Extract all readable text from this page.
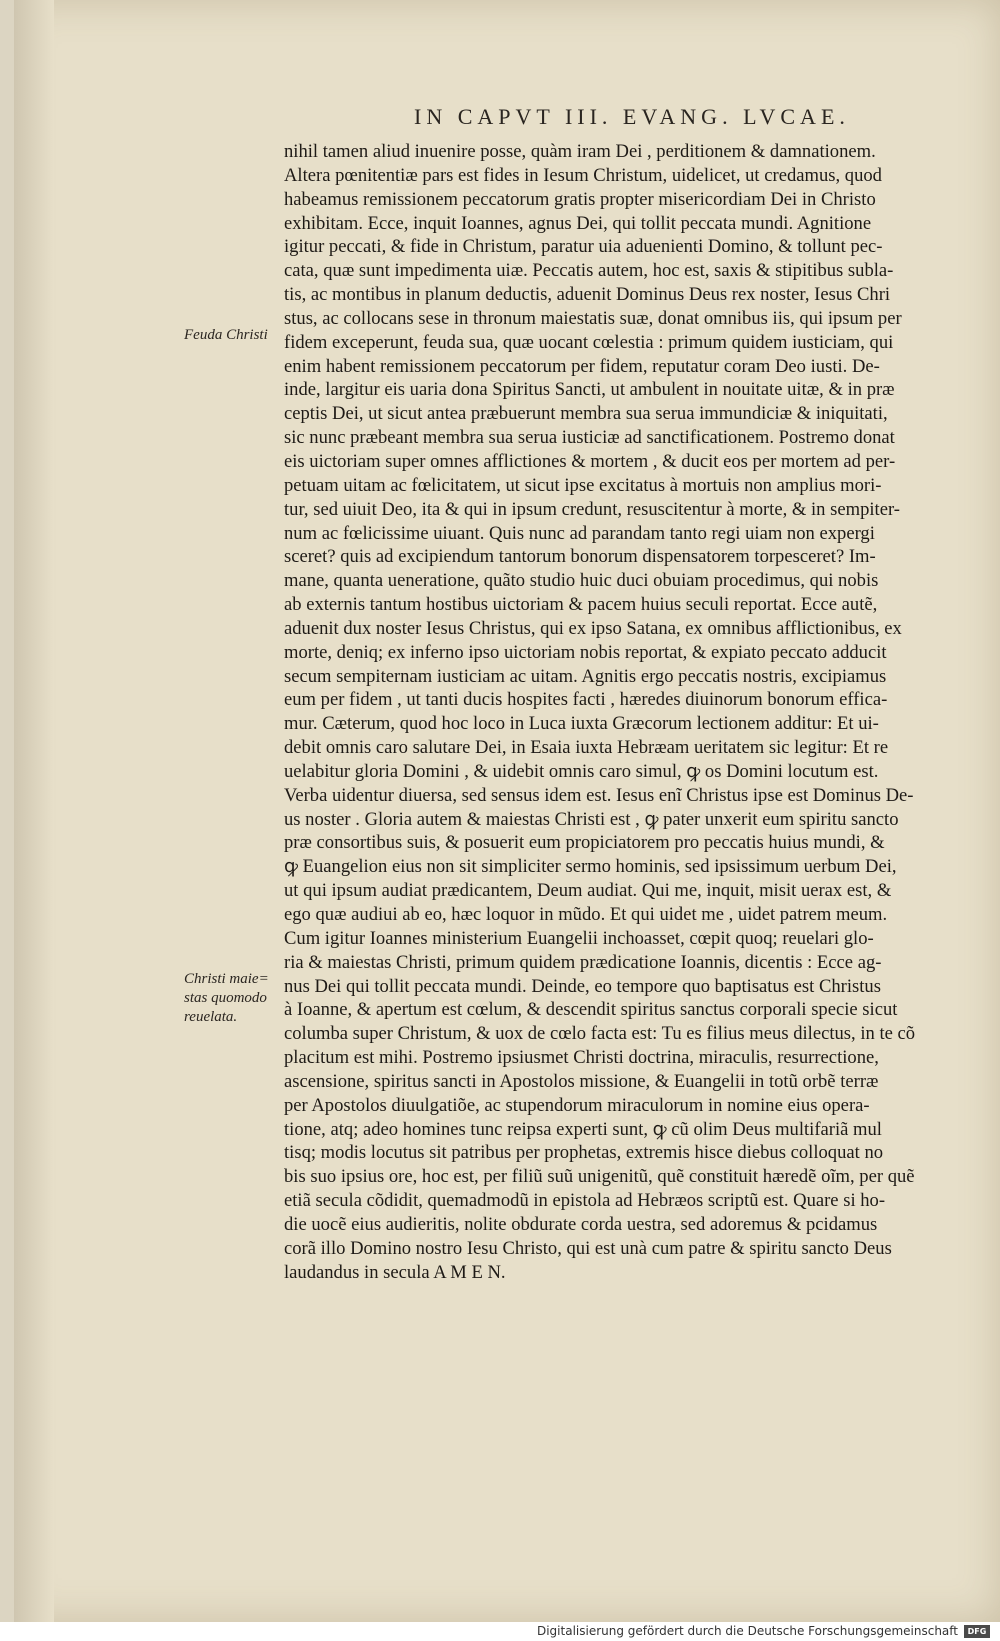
IN CAPVT III. EVANG. LVCAE.
Feuda Christi
Christi maie= stas quomodo reuelata.
nihil tamen aliud inuenire posse, quàm iram Dei , perditionem & damnationem.
Altera pœnitentiæ pars est fides in Iesum Christum, uidelicet, ut credamus, quod
habeamus remissionem peccatorum gratis propter misericordiam Dei in Christo
exhibitam. Ecce, inquit Ioannes, agnus Dei, qui tollit peccata mundi. Agnitione
igitur peccati, & fide in Christum, paratur uia aduenienti Domino, & tollunt pec-
cata, quæ sunt impedimenta uiæ. Peccatis autem, hoc est, saxis & stipitibus subla-
tis, ac montibus in planum deductis, aduenit Dominus Deus rex noster, Iesus Chri
stus, ac collocans sese in thronum maiestatis suæ, donat omnibus iis, qui ipsum per
fidem exceperunt, feuda sua, quæ uocant cœlestia : primum quidem iusticiam, qui
enim habent remissionem peccatorum per fidem, reputatur coram Deo iusti. De-
inde, largitur eis uaria dona Spiritus Sancti, ut ambulent in nouitate uitæ, & in præ
ceptis Dei, ut sicut antea præbuerunt membra sua serua immundiciæ & iniquitati,
sic nunc præbeant membra sua serua iusticiæ ad sanctificationem. Postremo donat
eis uictoriam super omnes afflictiones & mortem , & ducit eos per mortem ad per-
petuam uitam ac fœlicitatem, ut sicut ipse excitatus à mortuis non amplius mori-
tur, sed uiuit Deo, ita & qui in ipsum credunt, resuscitentur à morte, & in sempiter-
num ac fœlicissime uiuant. Quis nunc ad parandam tanto regi uiam non expergi
sceret? quis ad excipiendum tantorum bonorum dispensatorem torpesceret? Im-
mane, quanta ueneratione, quãto studio huic duci obuiam procedimus, qui nobis
ab externis tantum hostibus uictoriam & pacem huius seculi reportat. Ecce autẽ,
aduenit dux noster Iesus Christus, qui ex ipso Satana, ex omnibus afflictionibus, ex
morte, deniq; ex inferno ipso uictoriam nobis reportat, & expiato peccato adducit
secum sempiternam iusticiam ac uitam. Agnitis ergo peccatis nostris, excipiamus
eum per fidem , ut tanti ducis hospites facti , hæredes diuinorum bonorum effica-
mur. Cæterum, quod hoc loco in Luca iuxta Græcorum lectionem additur: Et ui-
debit omnis caro salutare Dei, in Esaia iuxta Hebræam ueritatem sic legitur: Et re
uelabitur gloria Domini , & uidebit omnis caro simul, ꝙ os Domini locutum est.
Verba uidentur diuersa, sed sensus idem est. Iesus enĩ Christus ipse est Dominus De-
us noster . Gloria autem & maiestas Christi est , ꝙ pater unxerit eum spiritu sancto
præ consortibus suis, & posuerit eum propiciatorem pro peccatis huius mundi, &
ꝙ Euangelion eius non sit simpliciter sermo hominis, sed ipsissimum uerbum Dei,
ut qui ipsum audiat prædicantem, Deum audiat. Qui me, inquit, misit uerax est, &
ego quæ audiui ab eo, hæc loquor in mũdo. Et qui uidet me , uidet patrem meum.
Cum igitur Ioannes ministerium Euangelii inchoasset, cœpit quoq; reuelari glo-
ria & maiestas Christi, primum quidem prædicatione Ioannis, dicentis : Ecce ag-
nus Dei qui tollit peccata mundi. Deinde, eo tempore quo baptisatus est Christus
à Ioanne, & apertum est cœlum, & descendit spiritus sanctus corporali specie sicut
columba super Christum, & uox de cœlo facta est: Tu es filius meus dilectus, in te cõ
placitum est mihi. Postremo ipsiusmet Christi doctrina, miraculis, resurrectione,
ascensione, spiritus sancti in Apostolos missione, & Euangelii in totũ orbẽ terræ
per Apostolos diuulgatiõe, ac stupendorum miraculorum in nomine eius opera-
tione, atq; adeo homines tunc reipsa experti sunt, ꝙ cũ olim Deus multifariã mul
tisq; modis locutus sit patribus per prophetas, extremis hisce diebus colloquat no
bis suo ipsius ore, hoc est, per filiũ suũ unigenitũ, quẽ constituit hæredẽ oĩm, per quẽ
etiã secula cõdidit, quemadmodũ in epistola ad Hebræos scriptũ est. Quare si ho-
die uocẽ eius audieritis, nolite obdurate corda uestra, sed adoremus & pcidamus
corã illo Domino nostro Iesu Christo, qui est unà cum patre & spiritu sancto Deus
laudandus in secula A M E N.
Digitalisierung gefördert durch die Deutsche Forschungsgemeinschaft	DFG
